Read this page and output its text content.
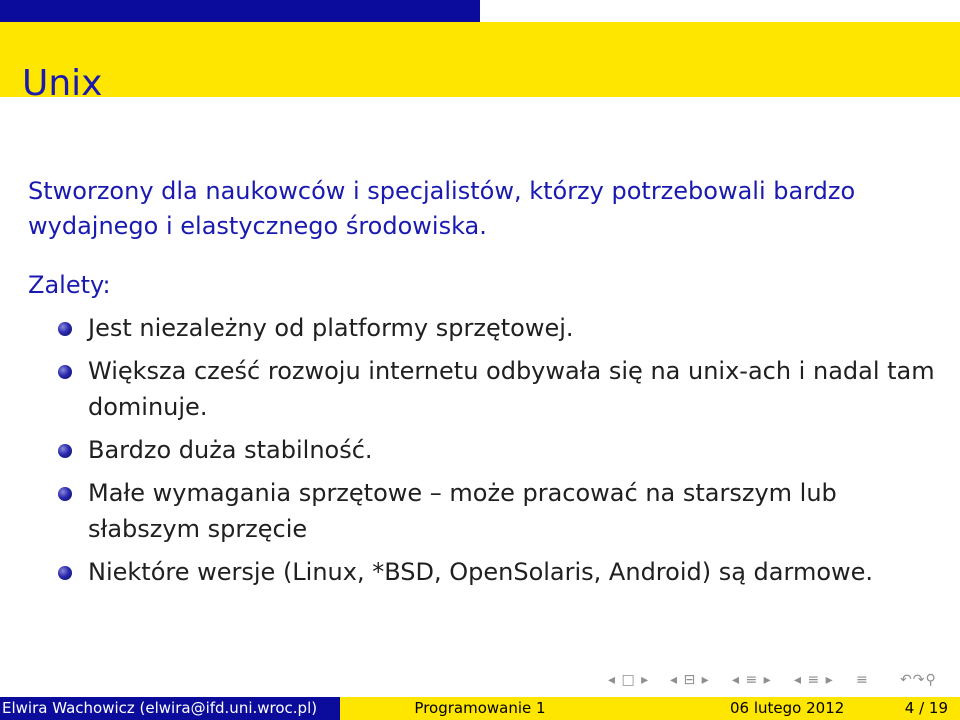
Unix
Stworzony dla naukowców i specjalistów, którzy potrzebowali bardzo wydajnego i elastycznego środowiska.
Zalety:
Jest niezależny od platformy sprzętowej.
Większa cześć rozwoju internetu odbywała się na unix-ach i nadal tam dominuje.
Bardzo duża stabilność.
Małe wymagania sprzętowe – może pracować na starszym lub słabszym sprzęcie
Niektóre wersje (Linux, *BSD, OpenSolaris, Android) są darmowe.
◂ □ ▸ ◂ ⊟ ▸ ◂ ≡ ▸ ◂ ≡ ▸ ≡ ↶↷⚲
Elwira Wachowicz (elwira@ifd.uni.wroc.pl)	Programowanie 1	06 lutego 2012	4 / 19
